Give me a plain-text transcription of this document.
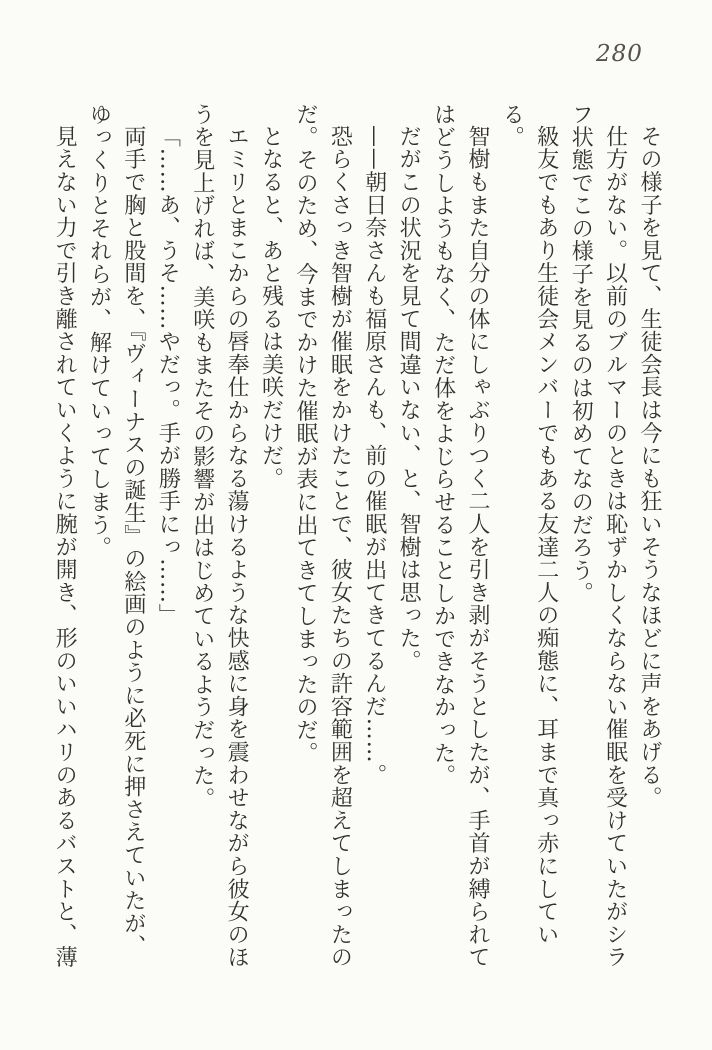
280

その様子を見て、生徒会長は今にも狂いそうなほどに声をあげる。

仕方がない。以前のブルマーのときは恥ずかしくならない催眠を受けていたがシラフ状態でこの様子を見るのは初めてなのだろう。

級友でもあり生徒会メンバーでもある友達二人の痴態に、耳まで真っ赤にしている。

智樹もまた自分の体にしゃぶりつく二人を引き剥がそうとしたが、手首が縛られてはどうしようもなく、ただ体をよじらせることしかできなかった。

だがこの状況を見て間違いない、と、智樹は思った。

——朝日奈さんも福原さんも、前の催眠が出てきてるんだ……。

恐らくさっき智樹が催眠をかけたことで、彼女たちの許容範囲を超えてしまったのだ。そのため、今までかけた催眠が表に出てきてしまったのだ。

となると、あと残るは美咲だけだ。

エミリとまこからの唇奉仕からなる蕩けるような快感に身を震わせながら彼女のほうを見上げれば、美咲もまたその影響が出はじめているようだった。

「……あ、うそ……やだっ。手が勝手にっ……」

両手で胸と股間を、『ヴィーナスの誕生』の絵画のように必死に押さえていたが、ゆっくりとそれらが、解けていってしまう。

見えない力で引き離されていくように腕が開き、形のいいハリのあるバストと、薄
